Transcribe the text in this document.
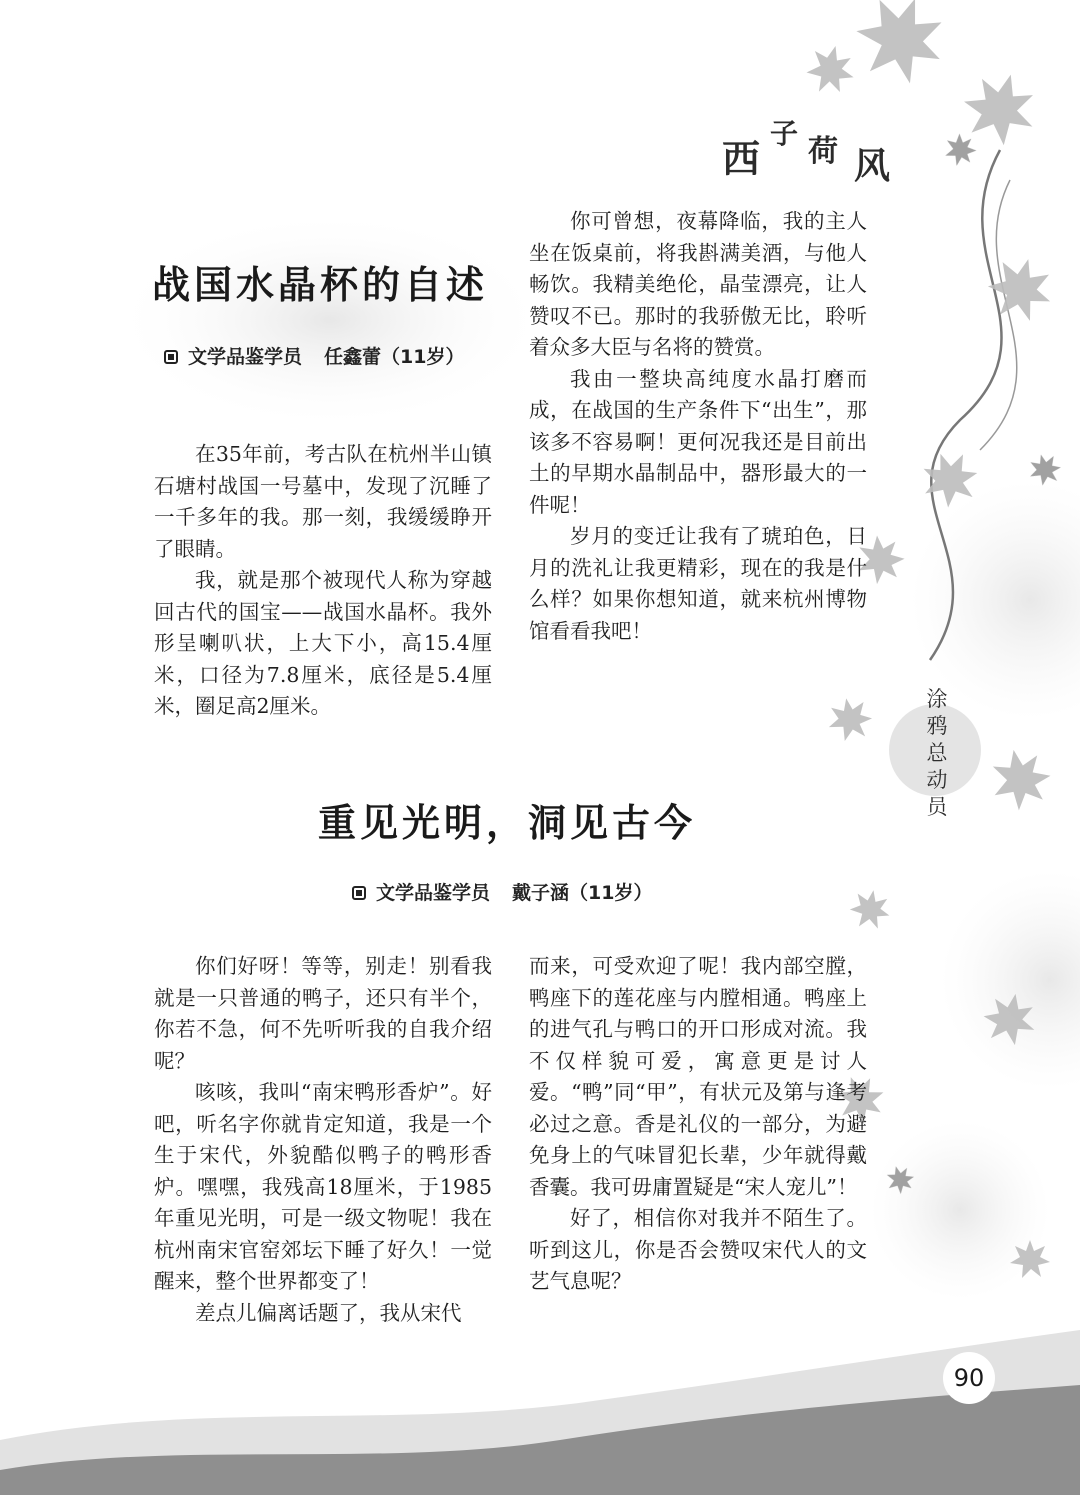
西
子
荷 风
战国水晶杯的自述
文学品鉴学员 任鑫蕾（11岁）

在35年前，考古队在杭州半山镇石塘村战国一号墓中，发现了沉睡了一千多年的我。那一刻，我缓缓睁开了眼睛。

我，就是那个被现代人称为穿越回古代的国宝——战国水晶杯。我外形呈喇叭状，上大下小，高15.4厘米，口径为7.8厘米，底径是5.4厘米，圈足高2厘米。

你可曾想，夜幕降临，我的主人坐在饭桌前，将我斟满美酒，与他人畅饮。我精美绝伦，晶莹漂亮，让人赞叹不已。那时的我骄傲无比，聆听着众多大臣与名将的赞赏。

我由一整块高纯度水晶打磨而成，在战国的生产条件下“出生”，那该多不容易啊！更何况我还是目前出土的早期水晶制品中，器形最大的一件呢！

岁月的变迁让我有了琥珀色，日月的洗礼让我更精彩，现在的我是什么样？如果你想知道，就来杭州博物馆看看我吧！

重见光明，洞见古今
文学品鉴学员 戴子涵（11岁）

你们好呀！等等，别走！别看我就是一只普通的鸭子，还只有半个，你若不急，何不先听听我的自我介绍呢？

咳咳，我叫“南宋鸭形香炉”。好吧，听名字你就肯定知道，我是一个生于宋代，外貌酷似鸭子的鸭形香炉。嘿嘿，我残高18厘米，于1985年重见光明，可是一级文物呢！我在杭州南宋官窑郊坛下睡了好久！一觉醒来，整个世界都变了！

差点儿偏离话题了，我从宋代

而来，可受欢迎了呢！我内部空膛，鸭座下的莲花座与内膛相通。鸭座上的进气孔与鸭口的开口形成对流。我不仅样貌可爱，寓意更是讨人爱。“鸭”同“甲”，有状元及第与逢考必过之意。香是礼仪的一部分，为避免身上的气味冒犯长辈，少年就得戴香囊。我可毋庸置疑是“宋人宠儿”！

好了，相信你对我并不陌生了。听到这儿，你是否会赞叹宋代人的文艺气息呢？

涂
鸦
总
动
员
90
